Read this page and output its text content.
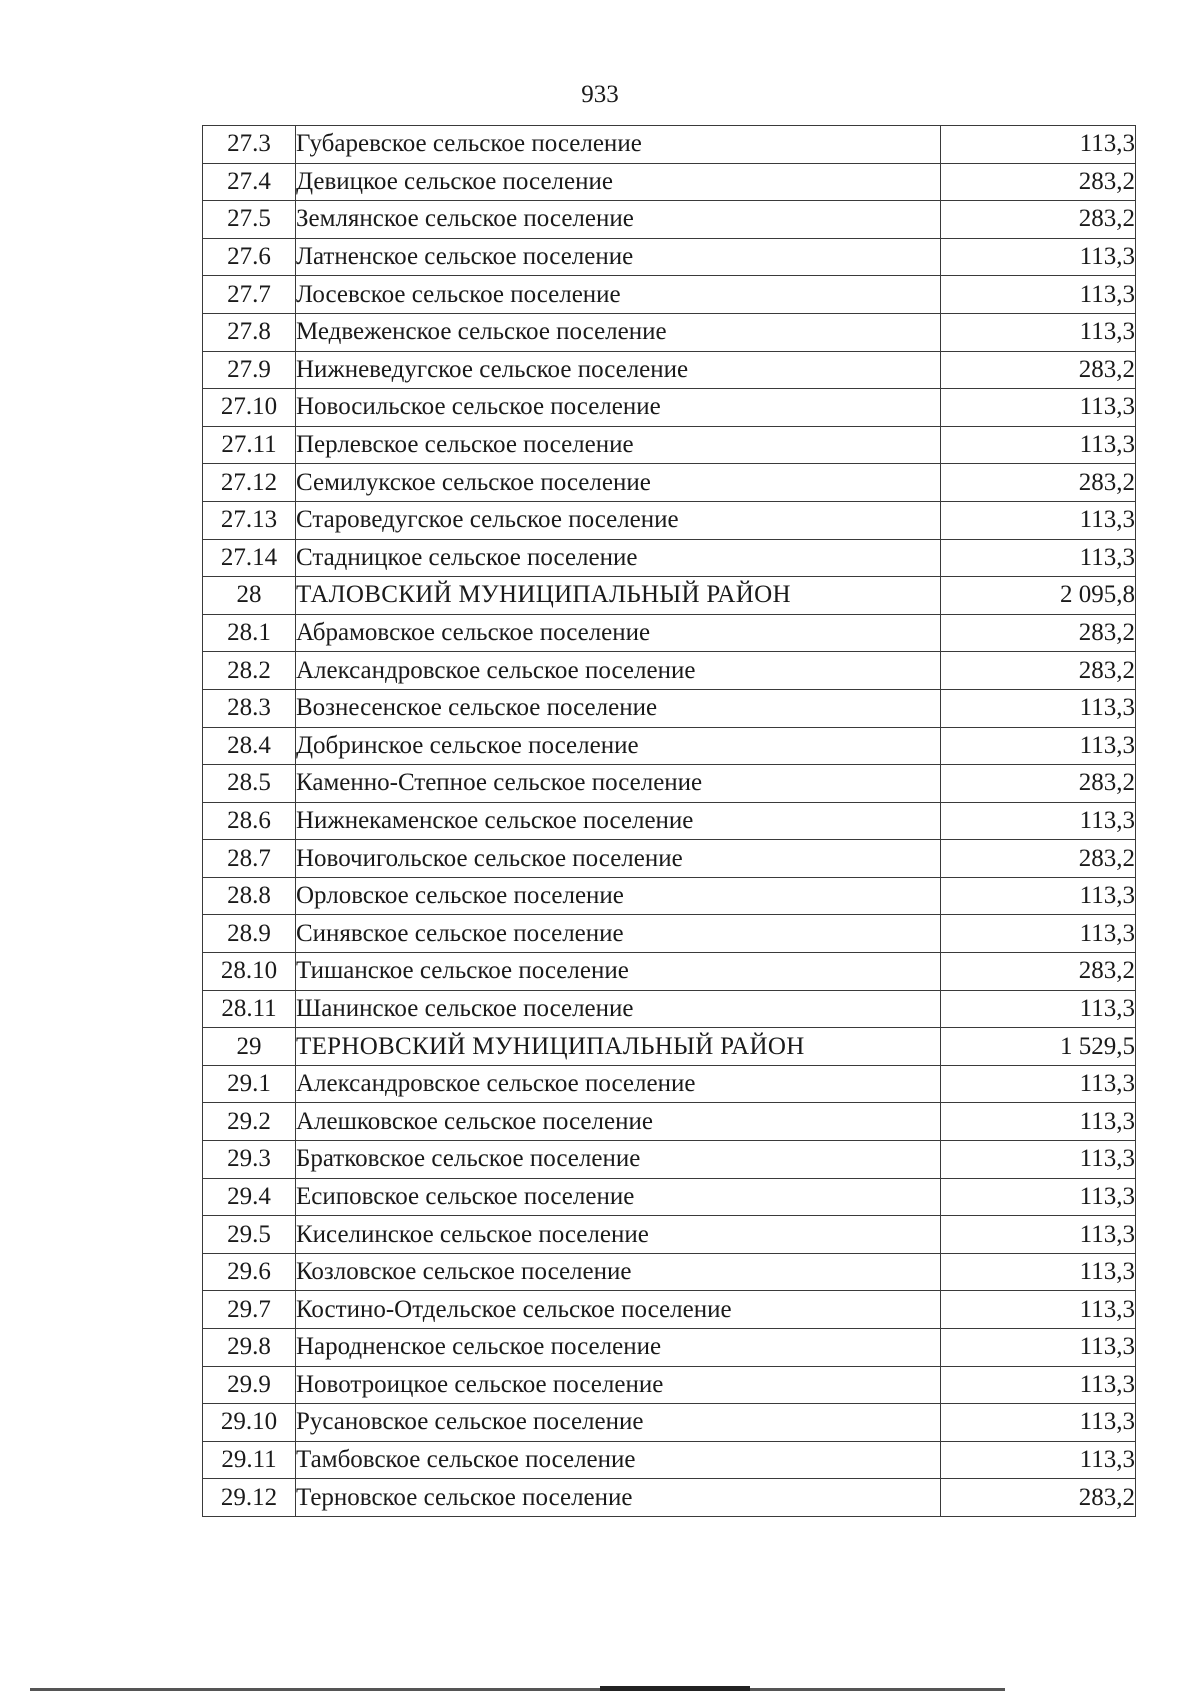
933
27.3	Губаревское сельское поселение	113,3
27.4	Девицкое сельское поселение	283,2
27.5	Землянское сельское поселение	283,2
27.6	Латненское сельское поселение	113,3
27.7	Лосевское сельское поселение	113,3
27.8	Медвеженское сельское поселение	113,3
27.9	Нижневедугское сельское поселение	283,2
27.10	Новосильское сельское поселение	113,3
27.11	Перлевское сельское поселение	113,3
27.12	Семилукское сельское поселение	283,2
27.13	Староведугское сельское поселение	113,3
27.14	Стадницкое сельское поселение	113,3
28	ТАЛОВСКИЙ МУНИЦИПАЛЬНЫЙ РАЙОН	2 095,8
28.1	Абрамовское сельское поселение	283,2
28.2	Александровское сельское поселение	283,2
28.3	Вознесенское сельское поселение	113,3
28.4	Добринское сельское поселение	113,3
28.5	Каменно-Степное сельское поселение	283,2
28.6	Нижнекаменское сельское поселение	113,3
28.7	Новочигольское сельское поселение	283,2
28.8	Орловское сельское поселение	113,3
28.9	Синявское сельское поселение	113,3
28.10	Тишанское сельское поселение	283,2
28.11	Шанинское сельское поселение	113,3
29	ТЕРНОВСКИЙ МУНИЦИПАЛЬНЫЙ РАЙОН	1 529,5
29.1	Александровское сельское поселение	113,3
29.2	Алешковское сельское поселение	113,3
29.3	Братковское сельское поселение	113,3
29.4	Есиповское сельское поселение	113,3
29.5	Киселинское сельское поселение	113,3
29.6	Козловское сельское поселение	113,3
29.7	Костино-Отдельское сельское поселение	113,3
29.8	Народненское сельское поселение	113,3
29.9	Новотроицкое сельское поселение	113,3
29.10	Русановское сельское поселение	113,3
29.11	Тамбовское сельское поселение	113,3
29.12	Терновское сельское поселение	283,2
